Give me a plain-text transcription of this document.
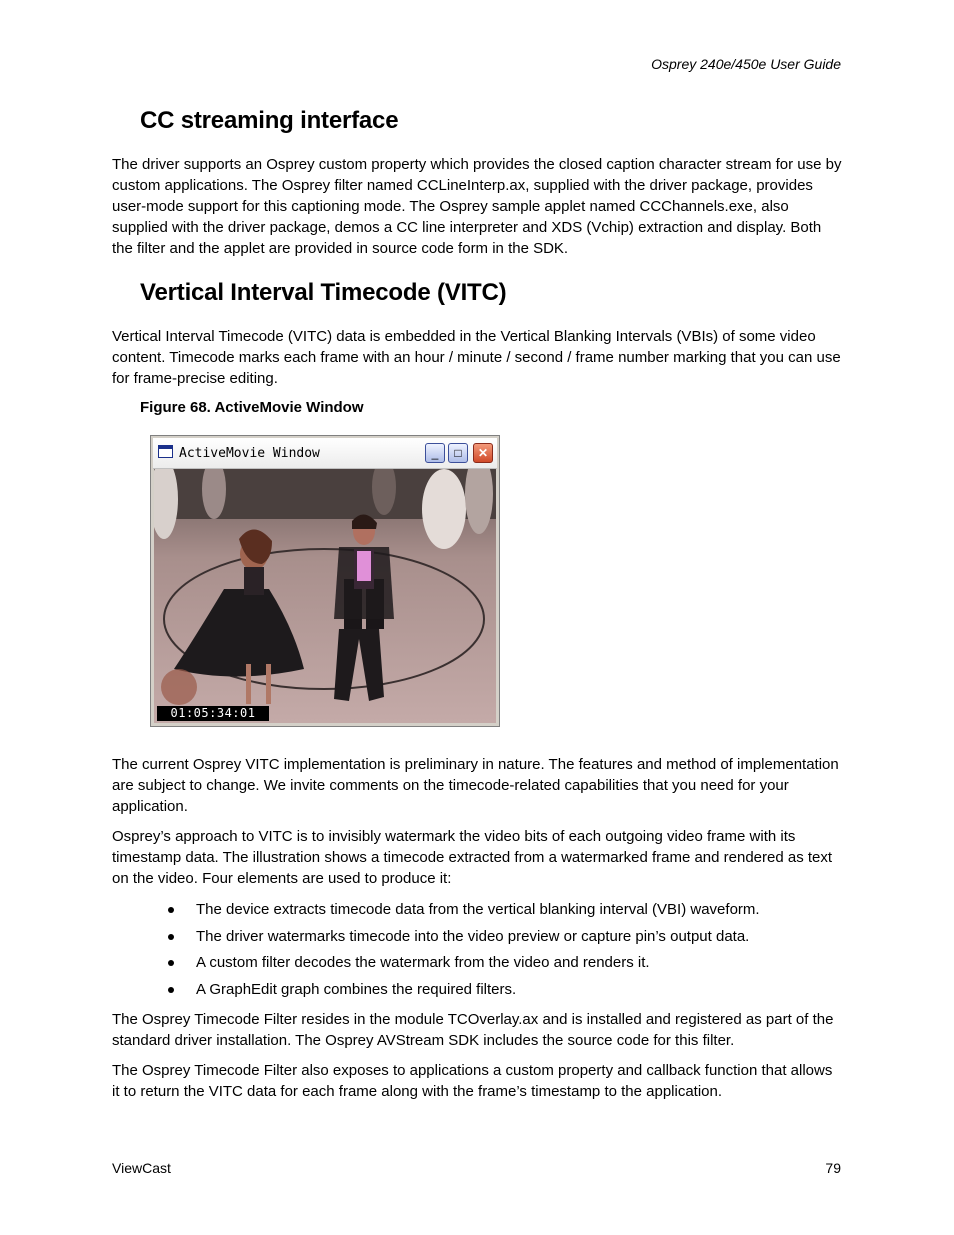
Osprey 240e/450e User Guide
CC streaming interface

The driver supports an Osprey custom property which provides the closed caption character stream for use by custom applications. The Osprey filter named CCLineInterp.ax, supplied with the driver package, provides user-mode support for this captioning mode. The Osprey sample applet named CCChannels.exe, also supplied with the driver package, demos a CC line interpreter and XDS (Vchip) extraction and display. Both the filter and the applet are provided in source code form in the SDK.

Vertical Interval Timecode (VITC)

Vertical Interval Timecode (VITC) data is embedded in the Vertical Blanking Intervals (VBIs) of some video content. Timecode marks each frame with an hour / minute / second / frame number marking that you can use for frame-precise editing.

Figure 68. ActiveMovie Window
ActiveMovie Window	_	□	✕
01:05:34:01

The current Osprey VITC implementation is preliminary in nature. The features and method of implementation are subject to change. We invite comments on the timecode-related capabilities that you need for your application.

Osprey’s approach to VITC is to invisibly watermark the video bits of each outgoing video frame with its timestamp data. The illustration shows a timecode extracted from a watermarked frame and rendered as text on the video. Four elements are used to produce it:

The device extracts timecode data from the vertical blanking interval (VBI) waveform.
The driver watermarks timecode into the video preview or capture pin’s output data.
A custom filter decodes the watermark from the video and renders it.
A GraphEdit graph combines the required filters.

The Osprey Timecode Filter resides in the module TCOverlay.ax and is installed and registered as part of the standard driver installation. The Osprey AVStream SDK includes the source code for this filter.

The Osprey Timecode Filter also exposes to applications a custom property and callback function that allows it to return the VITC data for each frame along with the frame’s timestamp to the application.

ViewCast	79
